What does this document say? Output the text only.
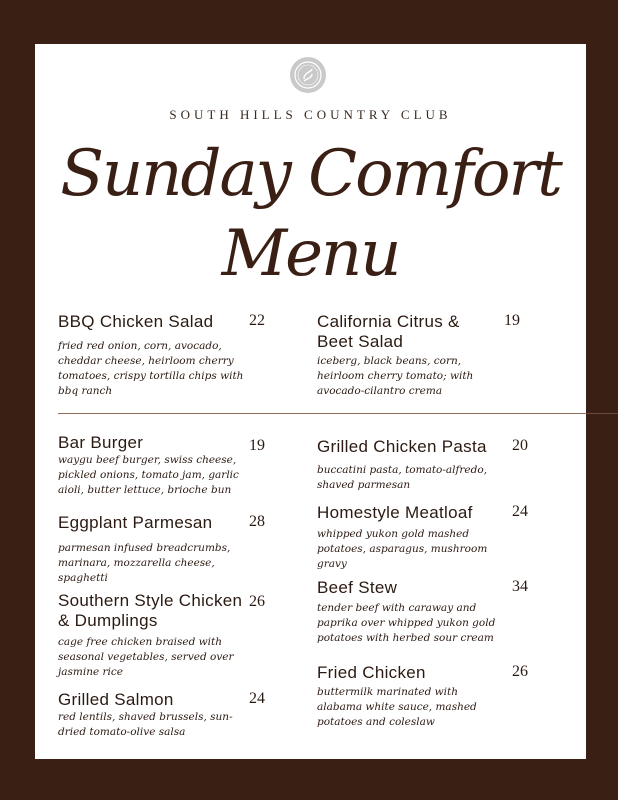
SOUTH HILLS COUNTRY CLUB
Sunday Comfort
Menu
BBQ Chicken Salad
fried red onion, corn, avocado, cheddar cheese, heirloom cherry tomatoes, crispy tortilla chips with bbq ranch
22	California Citrus & Beet Salad
iceberg, black beans, corn, heirloom cherry tomato; with avocado-cilantro crema
19
Bar Burger
waygu beef burger, swiss cheese, pickled onions, tomato jam, garlic aioli, butter lettuce, brioche bun
19	Grilled Chicken Pasta
buccatini pasta, tomato-alfredo, shaved parmesan
20
Eggplant Parmesan
parmesan infused breadcrumbs, marinara, mozzarella cheese, spaghetti
28	Homestyle Meatloaf
whipped yukon gold mashed potatoes, asparagus, mushroom gravy
24
Southern Style Chicken & Dumplings
cage free chicken braised with seasonal vegetables, served over jasmine rice
26
Beef Stew
tender beef with caraway and paprika over whipped yukon gold potatoes with herbed sour cream
34
Grilled Salmon
red lentils, shaved brussels, sun-dried tomato-olive salsa
24
Fried Chicken
buttermilk marinated with alabama white sauce, mashed potatoes and coleslaw
26
